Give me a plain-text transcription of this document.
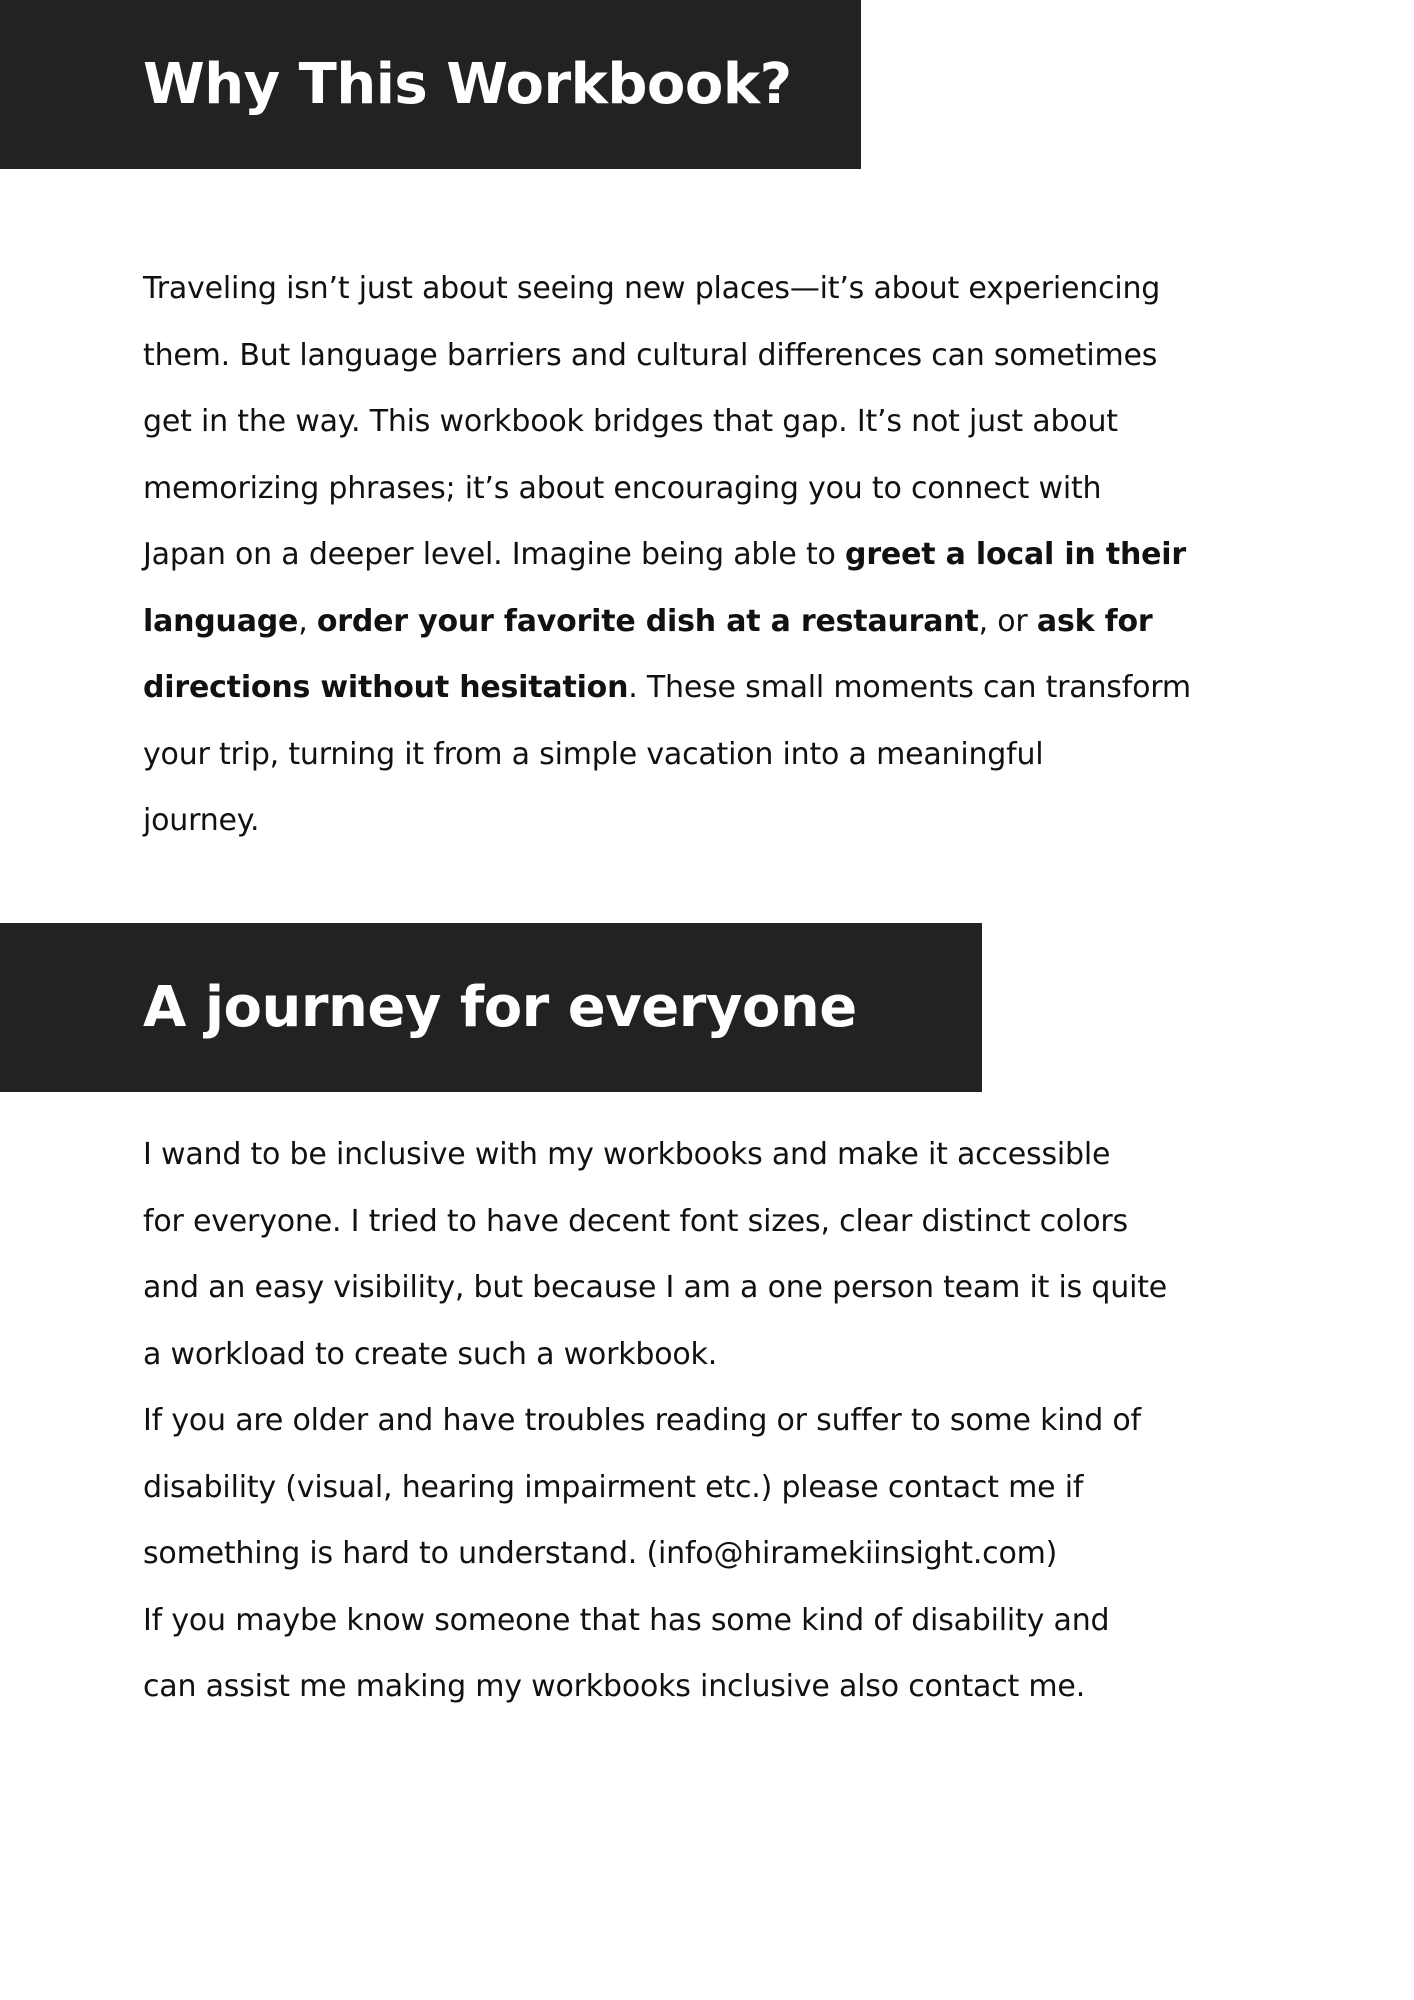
Why This Workbook?

Traveling isn’t just about seeing new places—it’s about experiencing
them. But language barriers and cultural differences can sometimes
get in the way. This workbook bridges that gap. It’s not just about
memorizing phrases; it’s about encouraging you to connect with
Japan on a deeper level. Imagine being able to greet a local in their
language, order your favorite dish at a restaurant, or ask for
directions without hesitation. These small moments can transform
your trip, turning it from a simple vacation into a meaningful
journey.

A journey for everyone

I wand to be inclusive with my workbooks and make it accessible
for everyone. I tried to have decent font sizes, clear distinct colors
and an easy visibility, but because I am a one person team it is quite
a workload to create such a workbook.
If you are older and have troubles reading or suffer to some kind of
disability (visual, hearing impairment etc.) please contact me if
something is hard to understand. (info@hiramekiinsight.com)
If you maybe know someone that has some kind of disability and
can assist me making my workbooks inclusive also contact me.
